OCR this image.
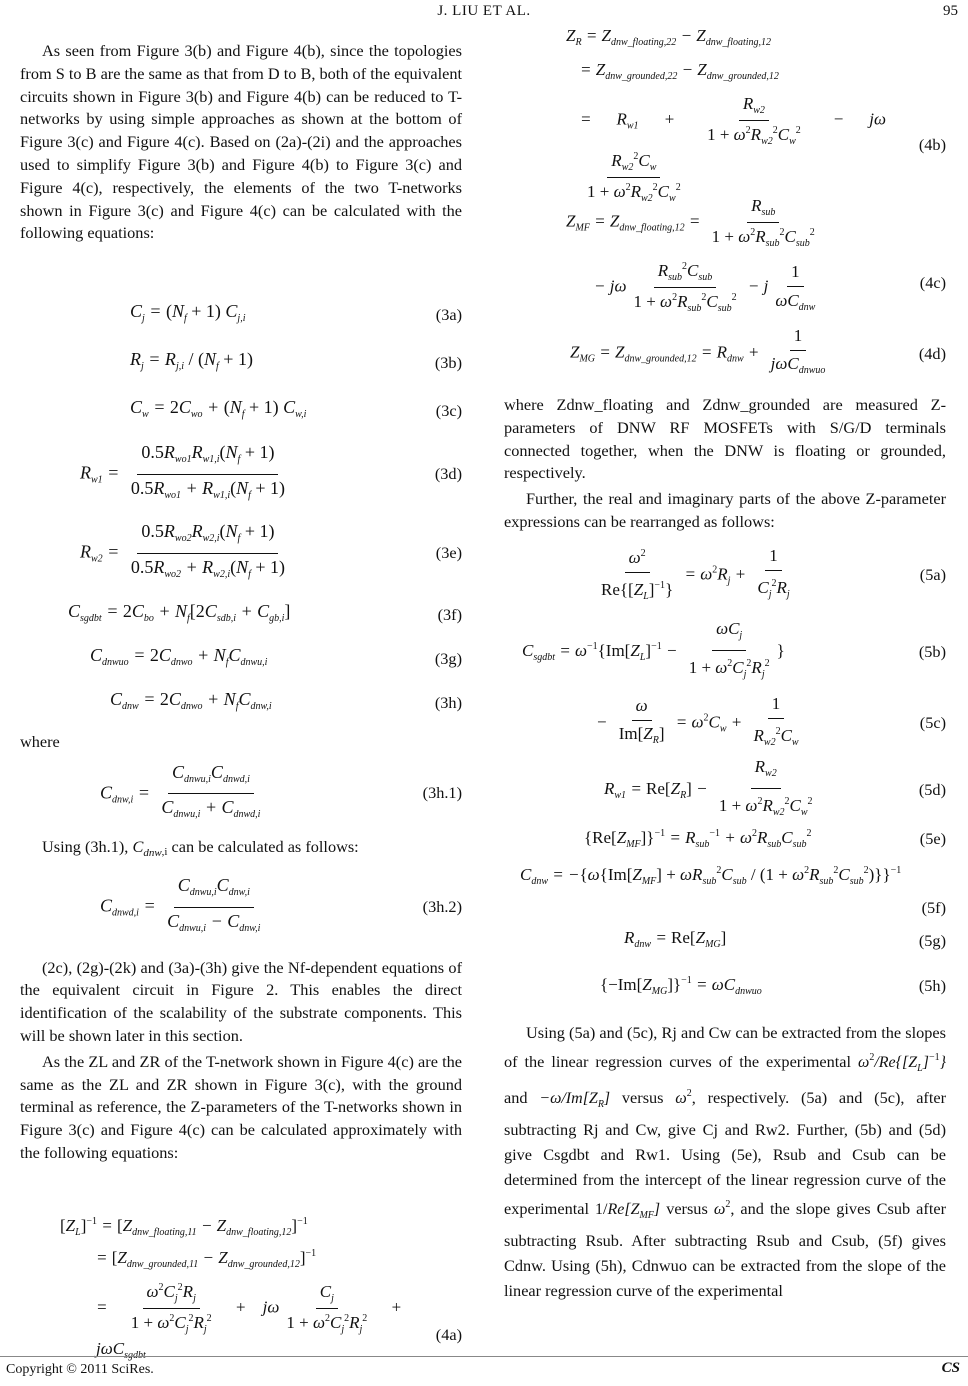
J. LIU ET AL.	95

As seen from Figure 3(b) and Figure 4(b), since the topologies from S to B are the same as that from D to B, both of the equivalent circuits shown in Figure 3(b) and Figure 4(b) can be reduced to T-networks by using simple approaches as shown at the bottom of Figure 3(c) and Figure 4(c). Based on (2a)-(2i) and the approaches used to simplify Figure 3(b) and Figure 4(b) to Figure 3(c) and Figure 4(c), respectively, the elements of the two T-networks shown in Figure 3(c) and Figure 4(c) can be calculated with the following equations:

$C_j = (N_f + 1)$ $C_{j,i}$	(3a)
$R_j = R_{j,i} / (N_f + 1)$	(3b)
$C_w = 2C_{wo} + (N_f + 1)$ $C_{w,i}$	(3c)
$R_{w1} = \frac{0.5R_{wo1}R_{w1,i}(N_f + 1)}{0.5R_{wo1} + R_{w1,i}(N_f + 1)}$	(3d)
$R_{w2} = \frac{0.5R_{wo2}R_{w2,i}(N_f + 1)}{0.5R_{wo2} + R_{w2,i}(N_f + 1)}$	(3e)
$C_{sgdbt} = 2C_{bo} + N_f[2C_{sdb,i} + C_{gb,i}]$	(3f)
$C_{dnwuo} = 2C_{dnwo} + N_fC_{dnwu,i}$	(3g)
$C_{dnw} = 2C_{dnwo} + N_fC_{dnw,i}$	(3h)

where

$C_{dnw,i} = \frac{C_{dnwu,i}C_{dnwd,i}}{C_{dnwu,i} + C_{dnwd,i}}$	(3h.1)

Using (3h.1), $C_{dnw},i$ can be calculated as follows:

$C_{dnwd,i} = \frac{C_{dnwu,i}C_{dnw,i}}{C_{dnwu,i} - C_{dnw,i}}$	(3h.2)

(2c), (2g)-(2k) and (3a)-(3h) give the Nf-dependent equations of the equivalent circuit in Figure 2. This enables the direct identification of the scalability of the substrate components. This will be shown later in this section.

As the ZL and ZR of the T-network shown in Figure 4(c) are the same as the ZL and ZR shown in Figure 3(c), with the ground terminal as reference, the Z-parameters of the T-networks shown in Figure 3(c) and Figure 4(c) can be calculated approximately with the following equations:

$[Z_L]^{-1} = [Z_{dnw\_floating,11} - Z_{dnw\_floating,12}]^{-1}$
= $[Z_{dnw\_grounded,11} - Z_{dnw\_grounded,12}]^{-1}$
= $\frac{\omega^2C_j^2R_j}{1 + \omega^2C_j^2R_j^2} + j\omega \frac{C_j}{1 + \omega^2C_j^2R_j^2} + j\omega C_{sgdbt}$
(4a)
$Z_R = Z_{dnw\_floating,22} - Z_{dnw\_floating,12}$
= $Z_{dnw\_grounded,22} - Z_{dnw\_grounded,12}$
= $R_{w1} + \frac{R_{w2}}{1 + \omega^2R_{w2}^2C_w^2} - j\omega$
$\frac{R_{w2}^2C_w}{1 + \omega^2R_{w2}^2C_w^2}$
(4b)
$Z_{MF} = Z_{dnw\_floating,12} = \frac{R_{sub}}{1 + \omega^2R_{sub}^2C_{sub}^2}$
− jω $\frac{R_{sub}^2C_{sub}}{1 + \omega^2R_{sub}^2C_{sub}^2} - j \frac{1}{\omega C_{dnw}}$	(4c)
$Z_{MG} = Z_{dnw\_grounded,12} = R_{dnw} + \frac{1}{j\omega C_{dnwuo}}$	(4d)

where Zdnw_floating and Zdnw_grounded are measured Z-parameters of DNW RF MOSFETs with S/G/D terminals connected together, when the DNW is floating or grounded, respectively.

Further, the real and imaginary parts of the above Z-parameter expressions can be rearranged as follows:

$\frac{\omega^2}{Re\{[Z_L]^{-1}\}} = \omega^2R_j + \frac{1}{C_j^2R_j}$	(5a)
$C_{sgdbt} = \omega^{-1}\{Im[Z_L]^{-1} - \frac{\omega C_j}{1 + \omega^2C_j^2R_j^2}$ }	(5b)
− $\frac{\omega}{Im[Z_R]} = \omega^2C_w + \frac{1}{R_{w2}^2C_w}$	(5c)
$R_{w1} = Re[Z_R] - \frac{R_{w2}}{1 + \omega^2R_{w2}^2C_w^2}$	(5d)
$\{Re[Z_{MF}]\}^{-1} = R_{sub}^{-1} + \omega^2R_{sub}C_{sub}^2$	(5e)
$C_{dnw} = -\{\omega\{Im[Z_{MF}] + \omega R_{sub}^2C_{sub} / (1 + \omega^2R_{sub}^2C_{sub}^2)\}\}^{-1}$
(5f)
$R_{dnw} = Re[Z_{MG}]$	(5g)
$\{-Im[Z_{MG}]\}^{-1} = \omega C_{dnwuo}$	(5h)

Using (5a) and (5c), Rj and Cw can be extracted from the slopes of the linear regression curves of the experimental $\omega^2/Re\{[Z_L]^{-1}\}$ and $-\omega/Im[Z_R]$ versus $\omega^2$, respectively. (5a) and (5c), after subtracting Rj and Cw, give Cj and Rw2. Further, (5b) and (5d) give Csgdbt and Rw1. Using (5e), Rsub and Csub can be determined from the intercept of the linear regression curve of the experimental $1/Re[Z_{MF}]$ versus $\omega^2$, and the slope gives Csub after subtracting Rsub. After subtracting Rsub and Csub, (5f) gives Cdnw. Using (5h), Cdnwuo can be extracted from the slope of the linear regression curve of the experimental

Copyright © 2011 SciRes.	CS
